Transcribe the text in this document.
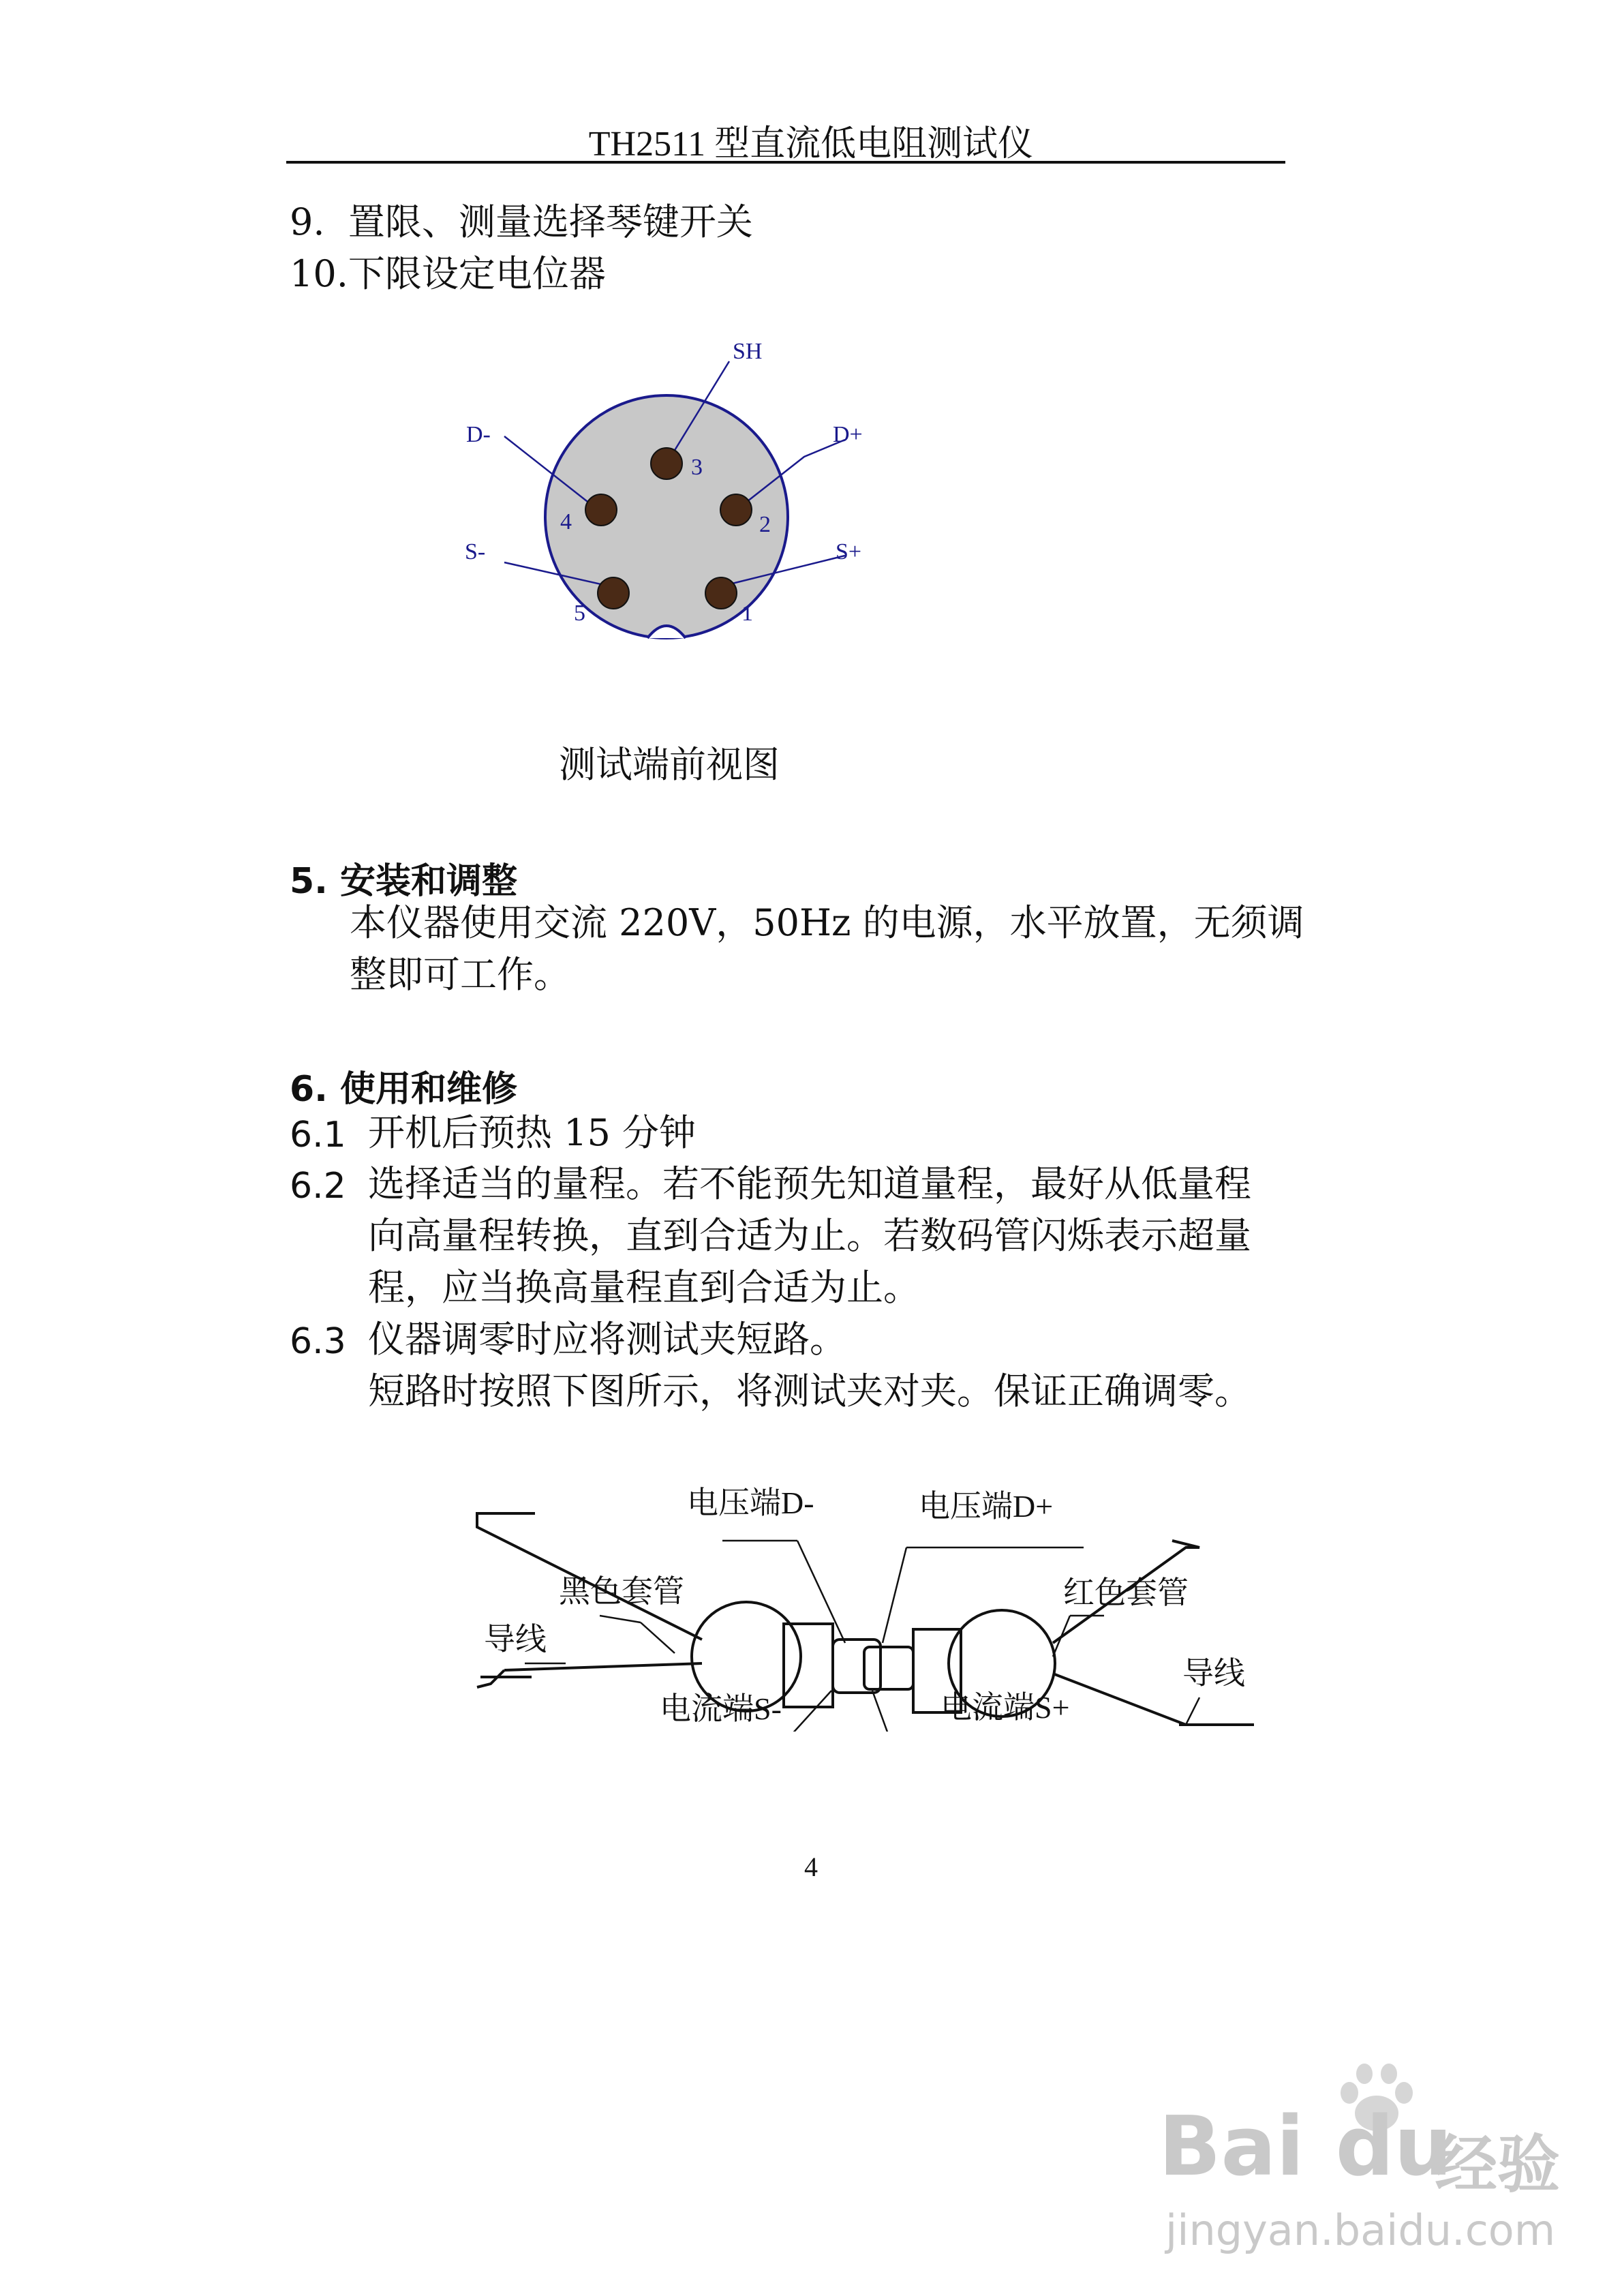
TH2511 型直流低电阻测试仪
9. 置限、测量选择琴键开关
10.下限设定电位器
3
2
4
5	1
SH
D-	D+
S-	S+
测试端前视图
5. 安装和调整
本仪器使用交流 220V，50Hz 的电源，水平放置，无须调
整即可工作。
6. 使用和维修
6.1 开机后预热 15 分钟
6.2 选择适当的量程。若不能预先知道量程，最好从低量程
向高量程转换，直到合适为止。若数码管闪烁表示超量
程，应当换高量程直到合适为止。
6.3 仪器调零时应将测试夹短路。
短路时按照下图所示，将测试夹对夹。保证正确调零。
电压端D-	电压端D+
黑色套管	红色套管
导线
导线
电流端S-	电流端S+
4
Bai du
经验
jingyan.baidu.com
